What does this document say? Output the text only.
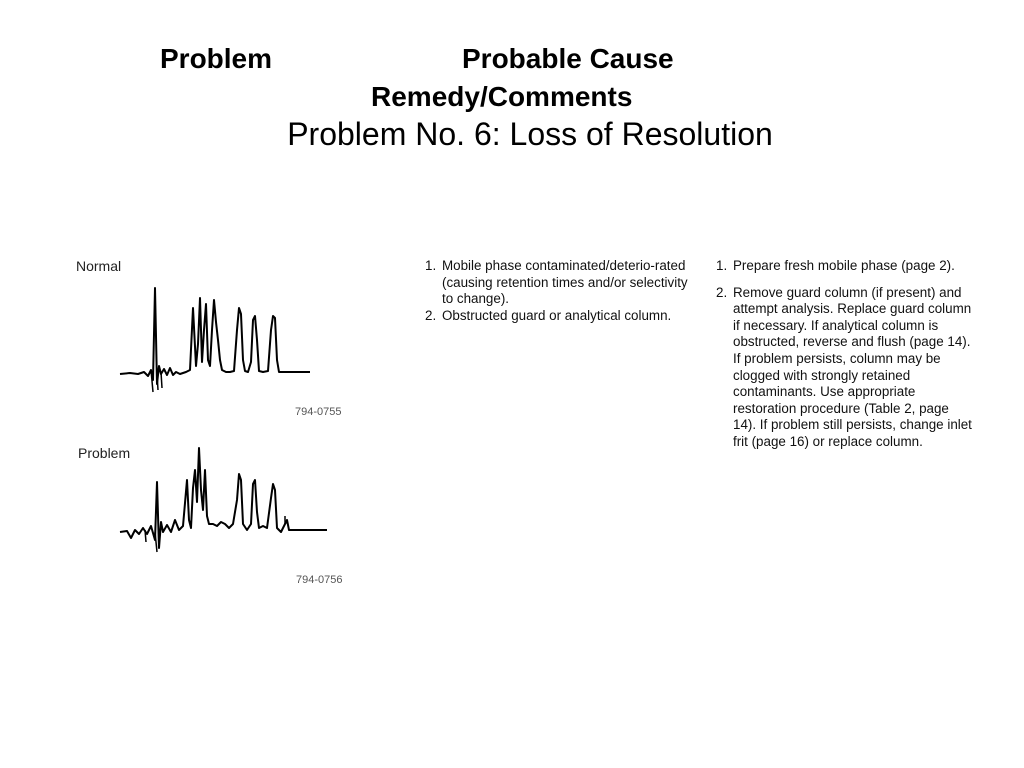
Problem	Probable Cause
Remedy/Comments
Problem No. 6: Loss of Resolution
Normal
794-0755
Problem
794-0756
1. Mobile phase contaminated/deterio-rated (causing retention times and/or selectivity to change).
2. Obstructed guard or analytical column.
1. Prepare fresh mobile phase (page 2).
2. Remove guard column (if present) and attempt analysis. Replace guard column if necessary. If analytical column is obstructed, reverse and flush (page 14). If problem persists, column may be clogged with strongly retained contaminants. Use appropriate restoration procedure (Table 2, page 14). If problem still persists, change inlet frit (page 16) or replace column.
